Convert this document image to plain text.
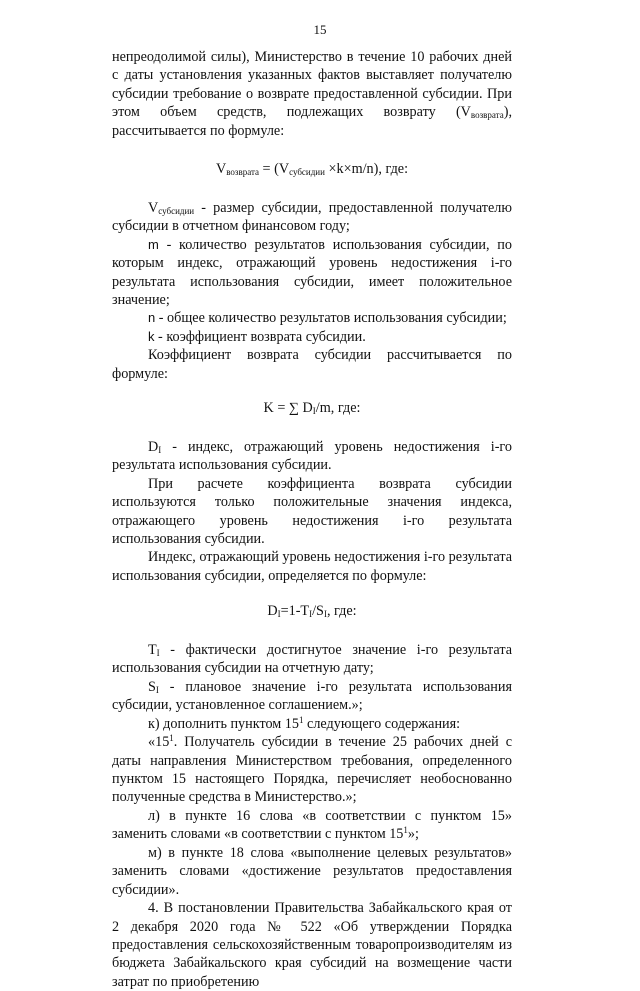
15

непреодолимой силы), Министерство в течение 10 рабочих дней с даты установления указанных фактов выставляет получателю субсидии требование о возврате предоставленной субсидии. При этом объем средств, подлежащих возврату $(V_{возврата})$, рассчитывается по формуле:

$V_{возврата} = (V_{субсидии} \times k\times m/n)$, где:

$V_{субсидии}$ - размер субсидии, предоставленной получателю субсидии в отчетном финансовом году;

m - количество результатов использования субсидии, по которым индекс, отражающий уровень недостижения i-го результата использования субсидии, имеет положительное значение;

n - общее количество результатов использования субсидии;

k - коэффициент возврата субсидии.

Коэффициент возврата субсидии рассчитывается по формуле:

K = ∑ $D_I/m$, где:

$D_I$ - индекс, отражающий уровень недостижения i-го результата использования субсидии.

При расчете коэффициента возврата субсидии используются только положительные значения индекса, отражающего уровень недостижения i-го результата использования субсидии.

Индекс, отражающий уровень недостижения i-го результата использования субсидии, определяется по формуле:

$D_I=1-T_I/S_I$, где:

$T_I$ - фактически достигнутое значение i-го результата использования субсидии на отчетную дату;

$S_I$ - плановое значение i-го результата использования субсидии, установленное соглашением.»;

к) дополнить пунктом $15^1$ следующего содержания:

«$15^1$. Получатель субсидии в течение 25 рабочих дней с даты направления Министерством требования, определенного пунктом 15 настоящего Порядка, перечисляет необоснованно полученные средства в Министерство.»;

л) в пункте 16 слова «в соответствии с пунктом 15» заменить словами «в соответствии с пунктом $15^1$»;

м) в пункте 18 слова «выполнение целевых результатов» заменить словами «достижение результатов предоставления субсидии».

4. В постановлении Правительства Забайкальского края от 2 декабря 2020 года № 522 «Об утверждении Порядка предоставления сельскохозяйственным товаропроизводителям из бюджета Забайкальского края субсидий на возмещение части затрат по приобретению
